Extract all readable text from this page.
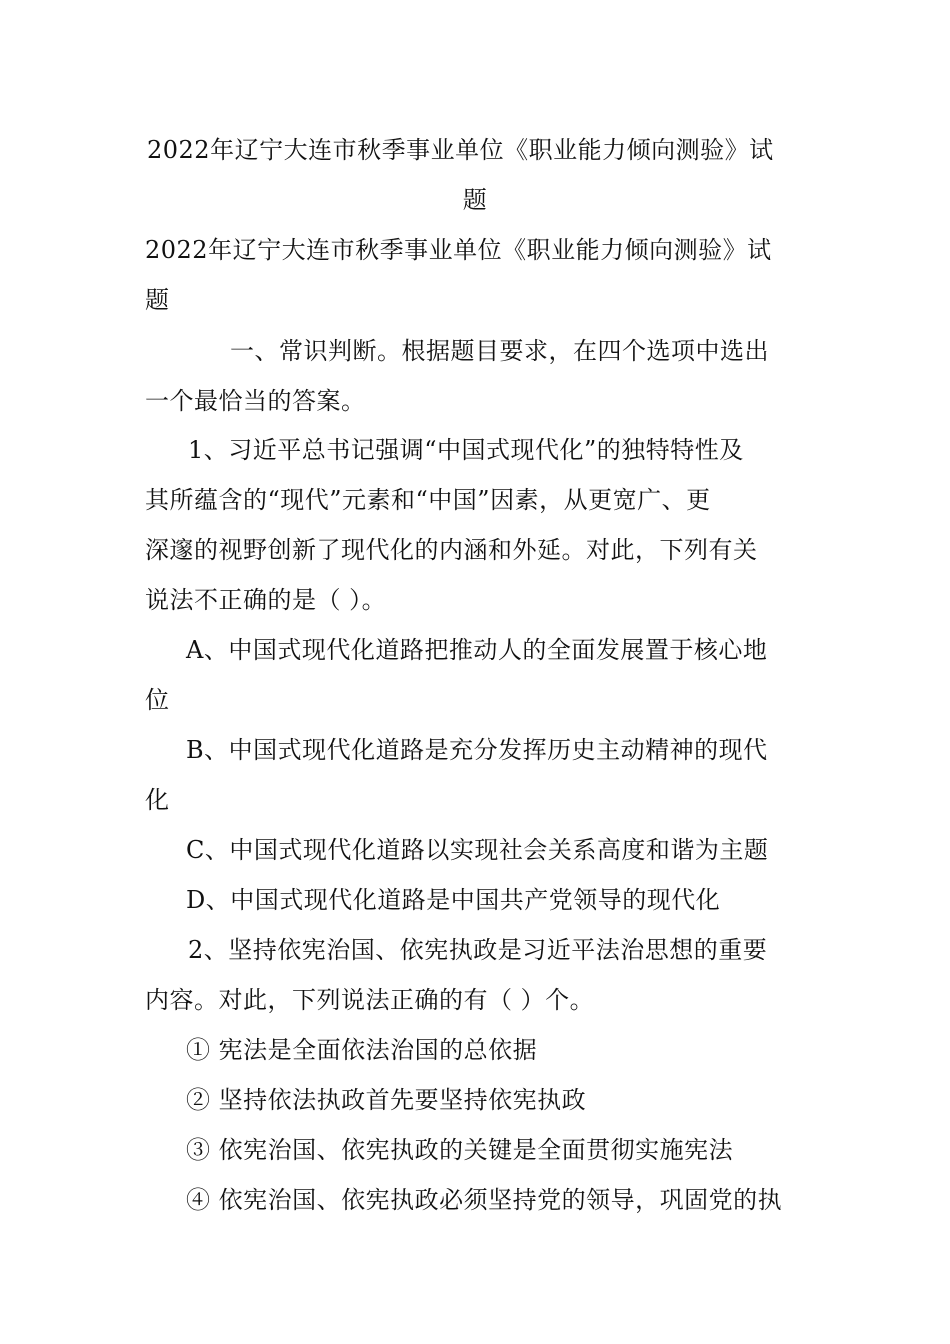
2022年辽宁大连市秋季事业单位《职业能力倾向测验》试
题
2022年辽宁大连市秋季事业单位《职业能力倾向测验》试
题
一、常识判断。根据题目要求，在四个选项中选出
一个最恰当的答案。
1、习近平总书记强调“中国式现代化”的独特特性及
其所蕴含的“现代”元素和“中国”因素，从更宽广、更
深邃的视野创新了现代化的内涵和外延。对此，下列有关
说法不正确的是（ ）。
A、中国式现代化道路把推动人的全面发展置于核心地
位
B、中国式现代化道路是充分发挥历史主动精神的现代
化
C、中国式现代化道路以实现社会关系高度和谐为主题
D、中国式现代化道路是中国共产党领导的现代化
2、坚持依宪治国、依宪执政是习近平法治思想的重要
内容。对此，下列说法正确的有（ ）个。
① 宪法是全面依法治国的总依据
② 坚持依法执政首先要坚持依宪执政
③ 依宪治国、依宪执政的关键是全面贯彻实施宪法
④ 依宪治国、依宪执政必须坚持党的领导，巩固党的执
